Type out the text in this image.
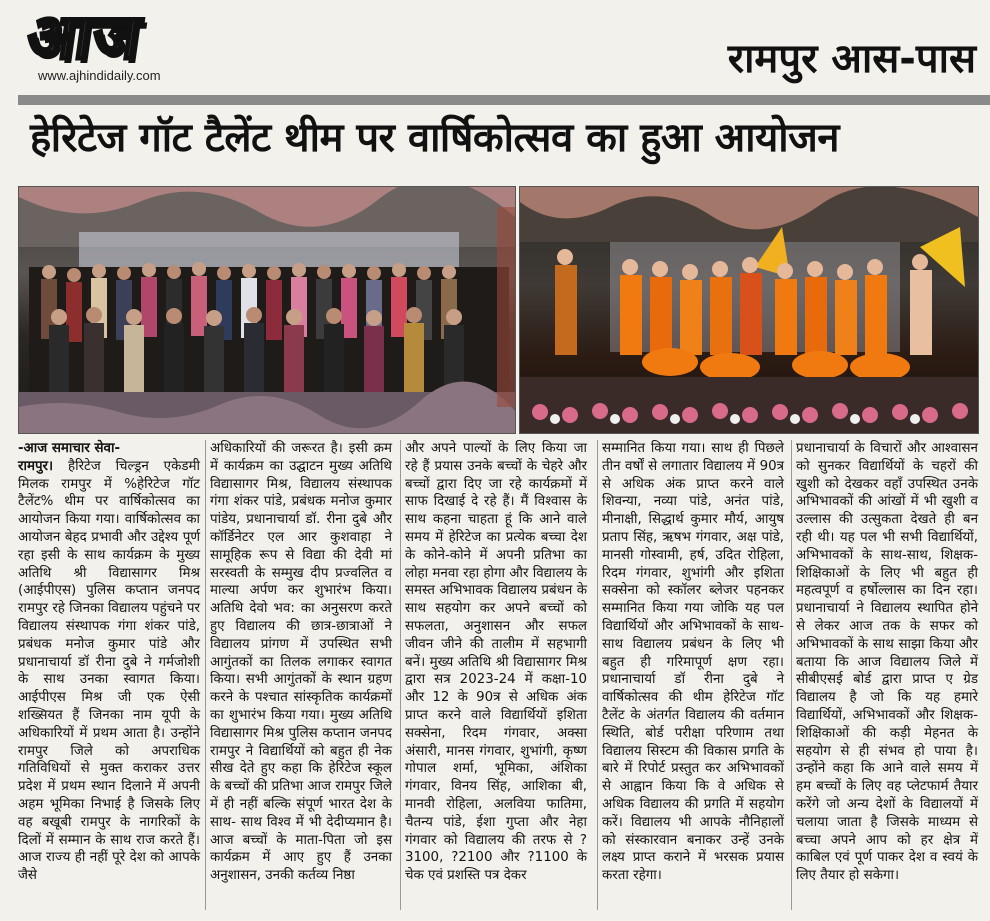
आज
www.ajhindidaily.com	रामपुर आस-पास
हेरिटेज गॉट टैलेंट थीम पर वार्षिकोत्सव का हुआ आयोजन

-आज समाचार सेवा-

रामपुर। हैरिटेज चिल्ड्रन एकेडमी मिलक रामपुर में %हेरिटेज गॉट टैलेंट% थीम पर वार्षिकोत्सव का आयोजन किया गया। वार्षिकोत्सव का आयोजन बेहद प्रभावी और उद्देश्य पूर्ण रहा इसी के साथ कार्यक्रम के मुख्य अतिथि श्री विद्यासागर मिश्र (आईपीएस) पुलिस कप्तान जनपद रामपुर रहे जिनका विद्यालय पहुंचने पर विद्यालय संस्थापक गंगा शंकर पांडे, प्रबंधक मनोज कुमार पांडे और प्रधानाचार्या डॉ रीना दुबे ने गर्मजोशी के साथ उनका स्वागत किया। आईपीएस मिश्र जी एक ऐसी शख्सियत हैं जिनका नाम यूपी के अधिकारियों में प्रथम आता है। उन्होंने रामपुर जिले को अपराधिक गतिविधियों से मुक्त कराकर उत्तर प्रदेश में प्रथम स्थान दिलाने में अपनी अहम भूमिका निभाई है जिसके लिए वह बखूबी रामपुर के नागरिकों के दिलों में सम्मान के साथ राज करते हैं। आज राज्य ही नहीं पूरे देश को आपके जैसे

अधिकारियों की जरूरत है। इसी क्रम में कार्यक्रम का उद्घाटन मुख्य अतिथि विद्यासागर मिश्र, विद्यालय संस्थापक गंगा शंकर पांडे, प्रबंधक मनोज कुमार पांडेय, प्रधानाचार्या डॉ. रीना दुबे और कॉर्डिनेटर एल आर कुशवाहा ने सामूहिक रूप से विद्या की देवी मां सरस्वती के सम्मुख दीप प्रज्वलित व माल्या अर्पण कर शुभारंभ किया। अतिथि देवो भव: का अनुसरण करते हुए विद्यालय की छात्र-छात्राओं ने विद्यालय प्रांगण में उपस्थित सभी आगुंतकों का तिलक लगाकर स्वागत किया। सभी आगुंतकों के स्थान ग्रहण करने के पश्चात सांस्कृतिक कार्यक्रमों का शुभारंभ किया गया। मुख्य अतिथि विद्यासागर मिश्र पुलिस कप्तान जनपद रामपुर ने विद्यार्थियों को बहुत ही नेक सीख देते हुए कहा कि हेरिटेज स्कूल के बच्चों की प्रतिभा आज रामपुर जिले में ही नहीं बल्कि संपूर्ण भारत देश के साथ- साथ विश्व में भी देदीप्यमान है। आज बच्चों के माता-पिता जो इस कार्यक्रम में आए हुए हैं उनका अनुशासन, उनकी कर्तव्य निष्ठा

और अपने पाल्यों के लिए किया जा रहे हैं प्रयास उनके बच्चों के चेहरे और बच्चों द्वारा दिए जा रहे कार्यक्रमों में साफ दिखाई दे रहे हैं। मैं विश्वास के साथ कहना चाहता हूं कि आने वाले समय में हेरिटेज का प्रत्येक बच्चा देश के कोने-कोने में अपनी प्रतिभा का लोहा मनवा रहा होगा और विद्यालय के समस्त अभिभावक विद्यालय प्रबंधन के साथ सहयोग कर अपने बच्चों को सफलता, अनुशासन और सफल जीवन जीने की तालीम में सहभागी बनें। मुख्य अतिथि श्री विद्यासागर मिश्र द्वारा सत्र 2023-24 में कक्षा-10 और 12 के 90त्र से अधिक अंक प्राप्त करने वाले विद्यार्थियों इशिता सक्सेना, रिदम गंगवार, अक्सा अंसारी, मानस गंगवार, शुभांगी, कृष्ण गोपाल शर्मा, भूमिका, अंशिका गंगवार, विनय सिंह, आशिका बी, मानवी रोहिला, अलविया फातिमा, चैतन्य पांडे, ईशा गुप्ता और नेहा गंगवार को विद्यालय की तरफ से ?3100, ?2100 और ?1100 के चेक एवं प्रशस्ति पत्र देकर

सम्मानित किया गया। साथ ही पिछले तीन वर्षों से लगातार विद्यालय में 90त्र से अधिक अंक प्राप्त करने वाले शिवन्या, नव्या पांडे, अनंत पांडे, मीनाक्षी, सिद्धार्थ कुमार मौर्य, आयुष प्रताप सिंह, ऋषभ गंगवार, अक्ष पांडे, मानसी गोस्वामी, हर्ष, उदित रोहिला, रिदम गंगवार, शुभांगी और इशिता सक्सेना को स्कॉलर ब्लेजर पहनकर सम्मानित किया गया जोकि यह पल विद्यार्थियों और अभिभावकों के साथ-साथ विद्यालय प्रबंधन के लिए भी बहुत ही गरिमापूर्ण क्षण रहा। प्रधानाचार्या डॉ रीना दुबे ने वार्षिकोत्सव की थीम हेरिटेज गॉट टैलेंट के अंतर्गत विद्यालय की वर्तमान स्थिति, बोर्ड परीक्षा परिणाम तथा विद्यालय सिस्टम की विकास प्रगति के बारे में रिपोर्ट प्रस्तुत कर अभिभावकों से आह्वान किया कि वे अधिक से अधिक विद्यालय की प्रगति में सहयोग करें। विद्यालय भी आपके नौनिहालों को संस्कारवान बनाकर उन्हें उनके लक्ष्य प्राप्त कराने में भरसक प्रयास करता रहेगा।

प्रधानाचार्या के विचारों और आश्वासन को सुनकर विद्यार्थियों के चहरों की खुशी को देखकर वहाँ उपस्थित उनके अभिभावकों की आंखों में भी खुशी व उल्लास की उत्सुकता देखते ही बन रही थी। यह पल भी सभी विद्यार्थियों, अभिभावकों के साथ-साथ, शिक्षक-शिक्षिकाओं के लिए भी बहुत ही महत्वपूर्ण व हर्षोल्लास का दिन रहा। प्रधानाचार्या ने विद्यालय स्थापित होने से लेकर आज तक के सफर को अभिभावकों के साथ साझा किया और बताया कि आज विद्यालय जिले में सीबीएसई बोर्ड द्वारा प्राप्त ए ग्रेड विद्यालय है जो कि यह हमारे विद्यार्थियों, अभिभावकों और शिक्षक- शिक्षिकाओं की कड़ी मेहनत के सहयोग से ही संभव हो पाया है। उन्होंने कहा कि आने वाले समय में हम बच्चों के लिए वह प्लेटफार्म तैयार करेंगे जो अन्य देशों के विद्यालयों में चलाया जाता है जिसके माध्यम से बच्चा अपने आप को हर क्षेत्र में काबिल एवं पूर्ण पाकर देश व स्वयं के लिए तैयार हो सकेगा।
